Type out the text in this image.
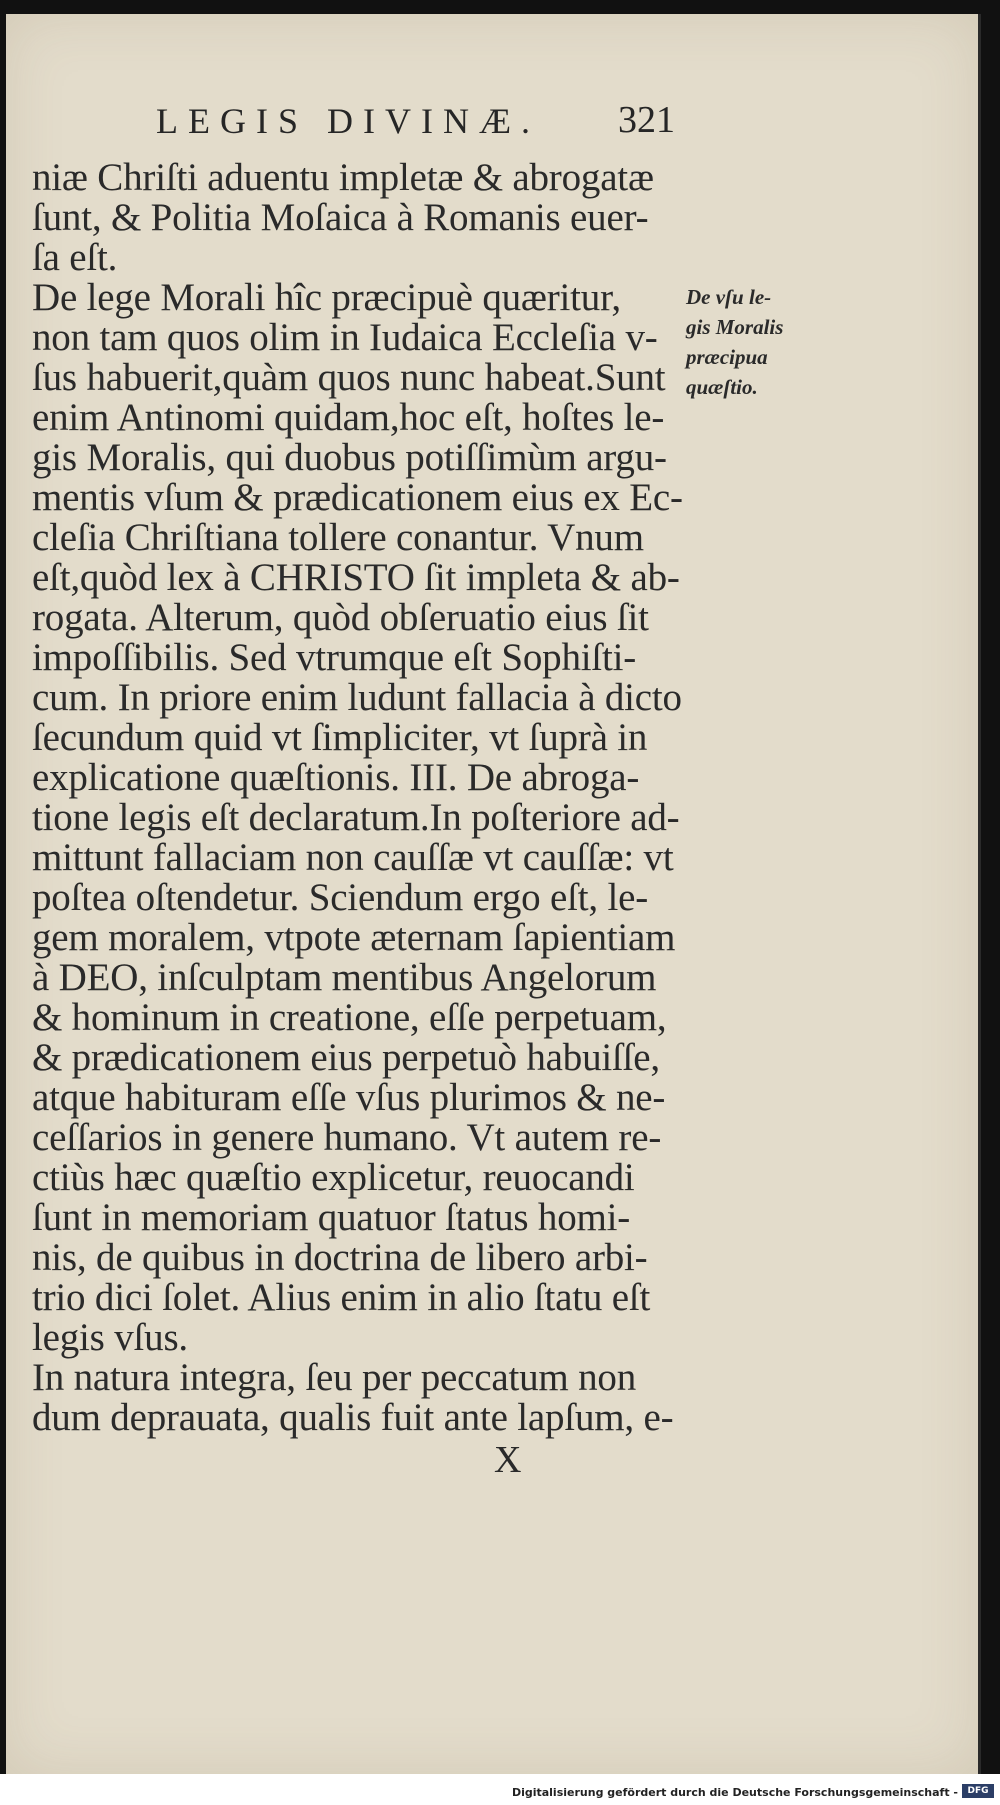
LEGIS DIVINÆ.	321
niæ Chriſti aduentu impletæ & abrogatæ
ſunt, & Politia Moſaica à Romanis euer-
ſa eſt.
De lege Morali hîc præcipuè quæritur,
non tam quos olim in Iudaica Eccleſia v-
ſus habuerit,quàm quos nunc habeat.Sunt
enim Antinomi quidam,hoc eſt, hoſtes le-
gis Moralis, qui duobus potiſſimùm argu-
mentis vſum & prædicationem eius ex Ec-
cleſia Chriſtiana tollere conantur. Vnum
eſt,quòd lex à CHRISTO ſit impleta & ab-
rogata. Alterum, quòd obſeruatio eius ſit
impoſſibilis. Sed vtrumque eſt Sophiſti-
cum. In priore enim ludunt fallacia à dicto
ſecundum quid vt ſimpliciter, vt ſuprà in
explicatione quæſtionis. III. De abroga-
tione legis eſt declaratum.In poſteriore ad-
mittunt fallaciam non cauſſæ vt cauſſæ: vt
poſtea oſtendetur. Sciendum ergo eſt, le-
gem moralem, vtpote æternam ſapientiam
à DEO, inſculptam mentibus Angelorum
& hominum in creatione, eſſe perpetuam,
& prædicationem eius perpetuò habuiſſe,
atque habituram eſſe vſus plurimos & ne-
ceſſarios in genere humano. Vt autem re-
ctiùs hæc quæſtio explicetur, reuocandi
ſunt in memoriam quatuor ſtatus homi-
nis, de quibus in doctrina de libero arbi-
trio dici ſolet. Alius enim in alio ſtatu eſt
legis vſus.
In natura integra, ſeu per peccatum non
dum deprauata, qualis fuit ante lapſum, e-
De vſu le-
gis Moralis
præcipua
quæſtio.
X
Digitalisierung gefördert durch die Deutsche Forschungsgemeinschaft -	DFG
